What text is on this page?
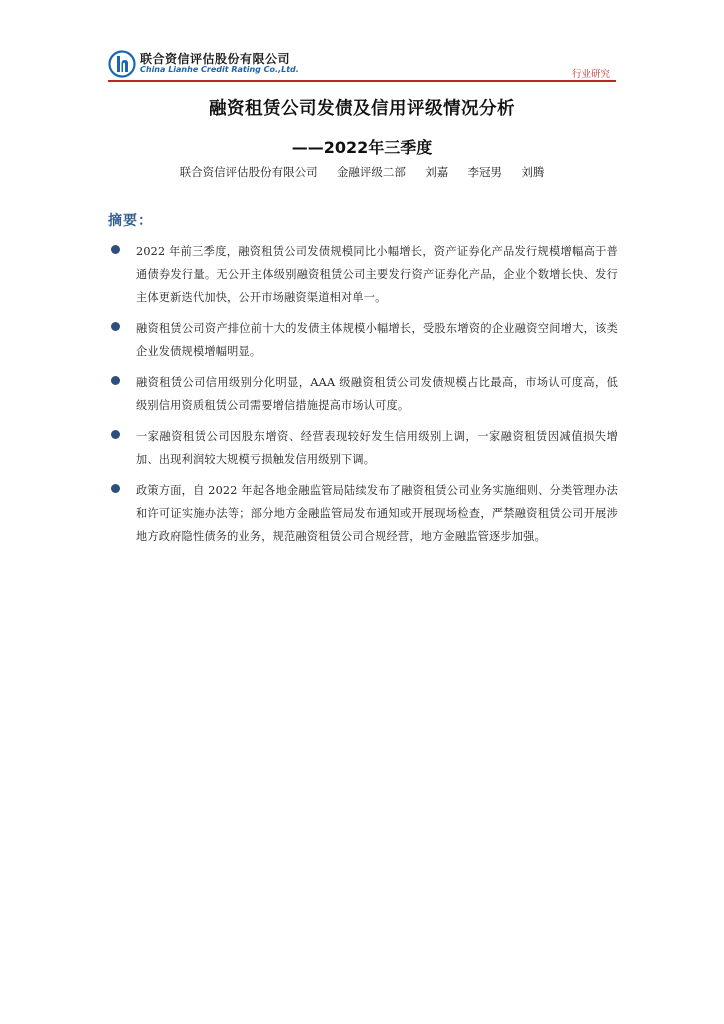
联合资信评估股份有限公司
China Lianhe Credit Rating Co.,Ltd.	行业研究
融资租赁公司发债及信用评级情况分析
——2022年三季度
联合资信评估股份有限公司  金融评级二部  刘嘉  李冠男  刘腾
摘要：
2022 年前三季度，融资租赁公司发债规模同比小幅增长，资产证券化产品发行规模增幅高于普通债券发行量。无公开主体级别融资租赁公司主要发行资产证券化产品，企业个数增长快、发行主体更新迭代加快，公开市场融资渠道相对单一。
融资租赁公司资产排位前十大的发债主体规模小幅增长，受股东增资的企业融资空间增大，该类企业发债规模增幅明显。
融资租赁公司信用级别分化明显，AAA 级融资租赁公司发债规模占比最高，市场认可度高，低级别信用资质租赁公司需要增信措施提高市场认可度。
一家融资租赁公司因股东增资、经营表现较好发生信用级别上调，一家融资租赁因减值损失增加、出现利润较大规模亏损触发信用级别下调。
政策方面，自 2022 年起各地金融监管局陆续发布了融资租赁公司业务实施细则、分类管理办法和许可证实施办法等；部分地方金融监管局发布通知或开展现场检查，严禁融资租赁公司开展涉地方政府隐性债务的业务，规范融资租赁公司合规经营，地方金融监管逐步加强。
